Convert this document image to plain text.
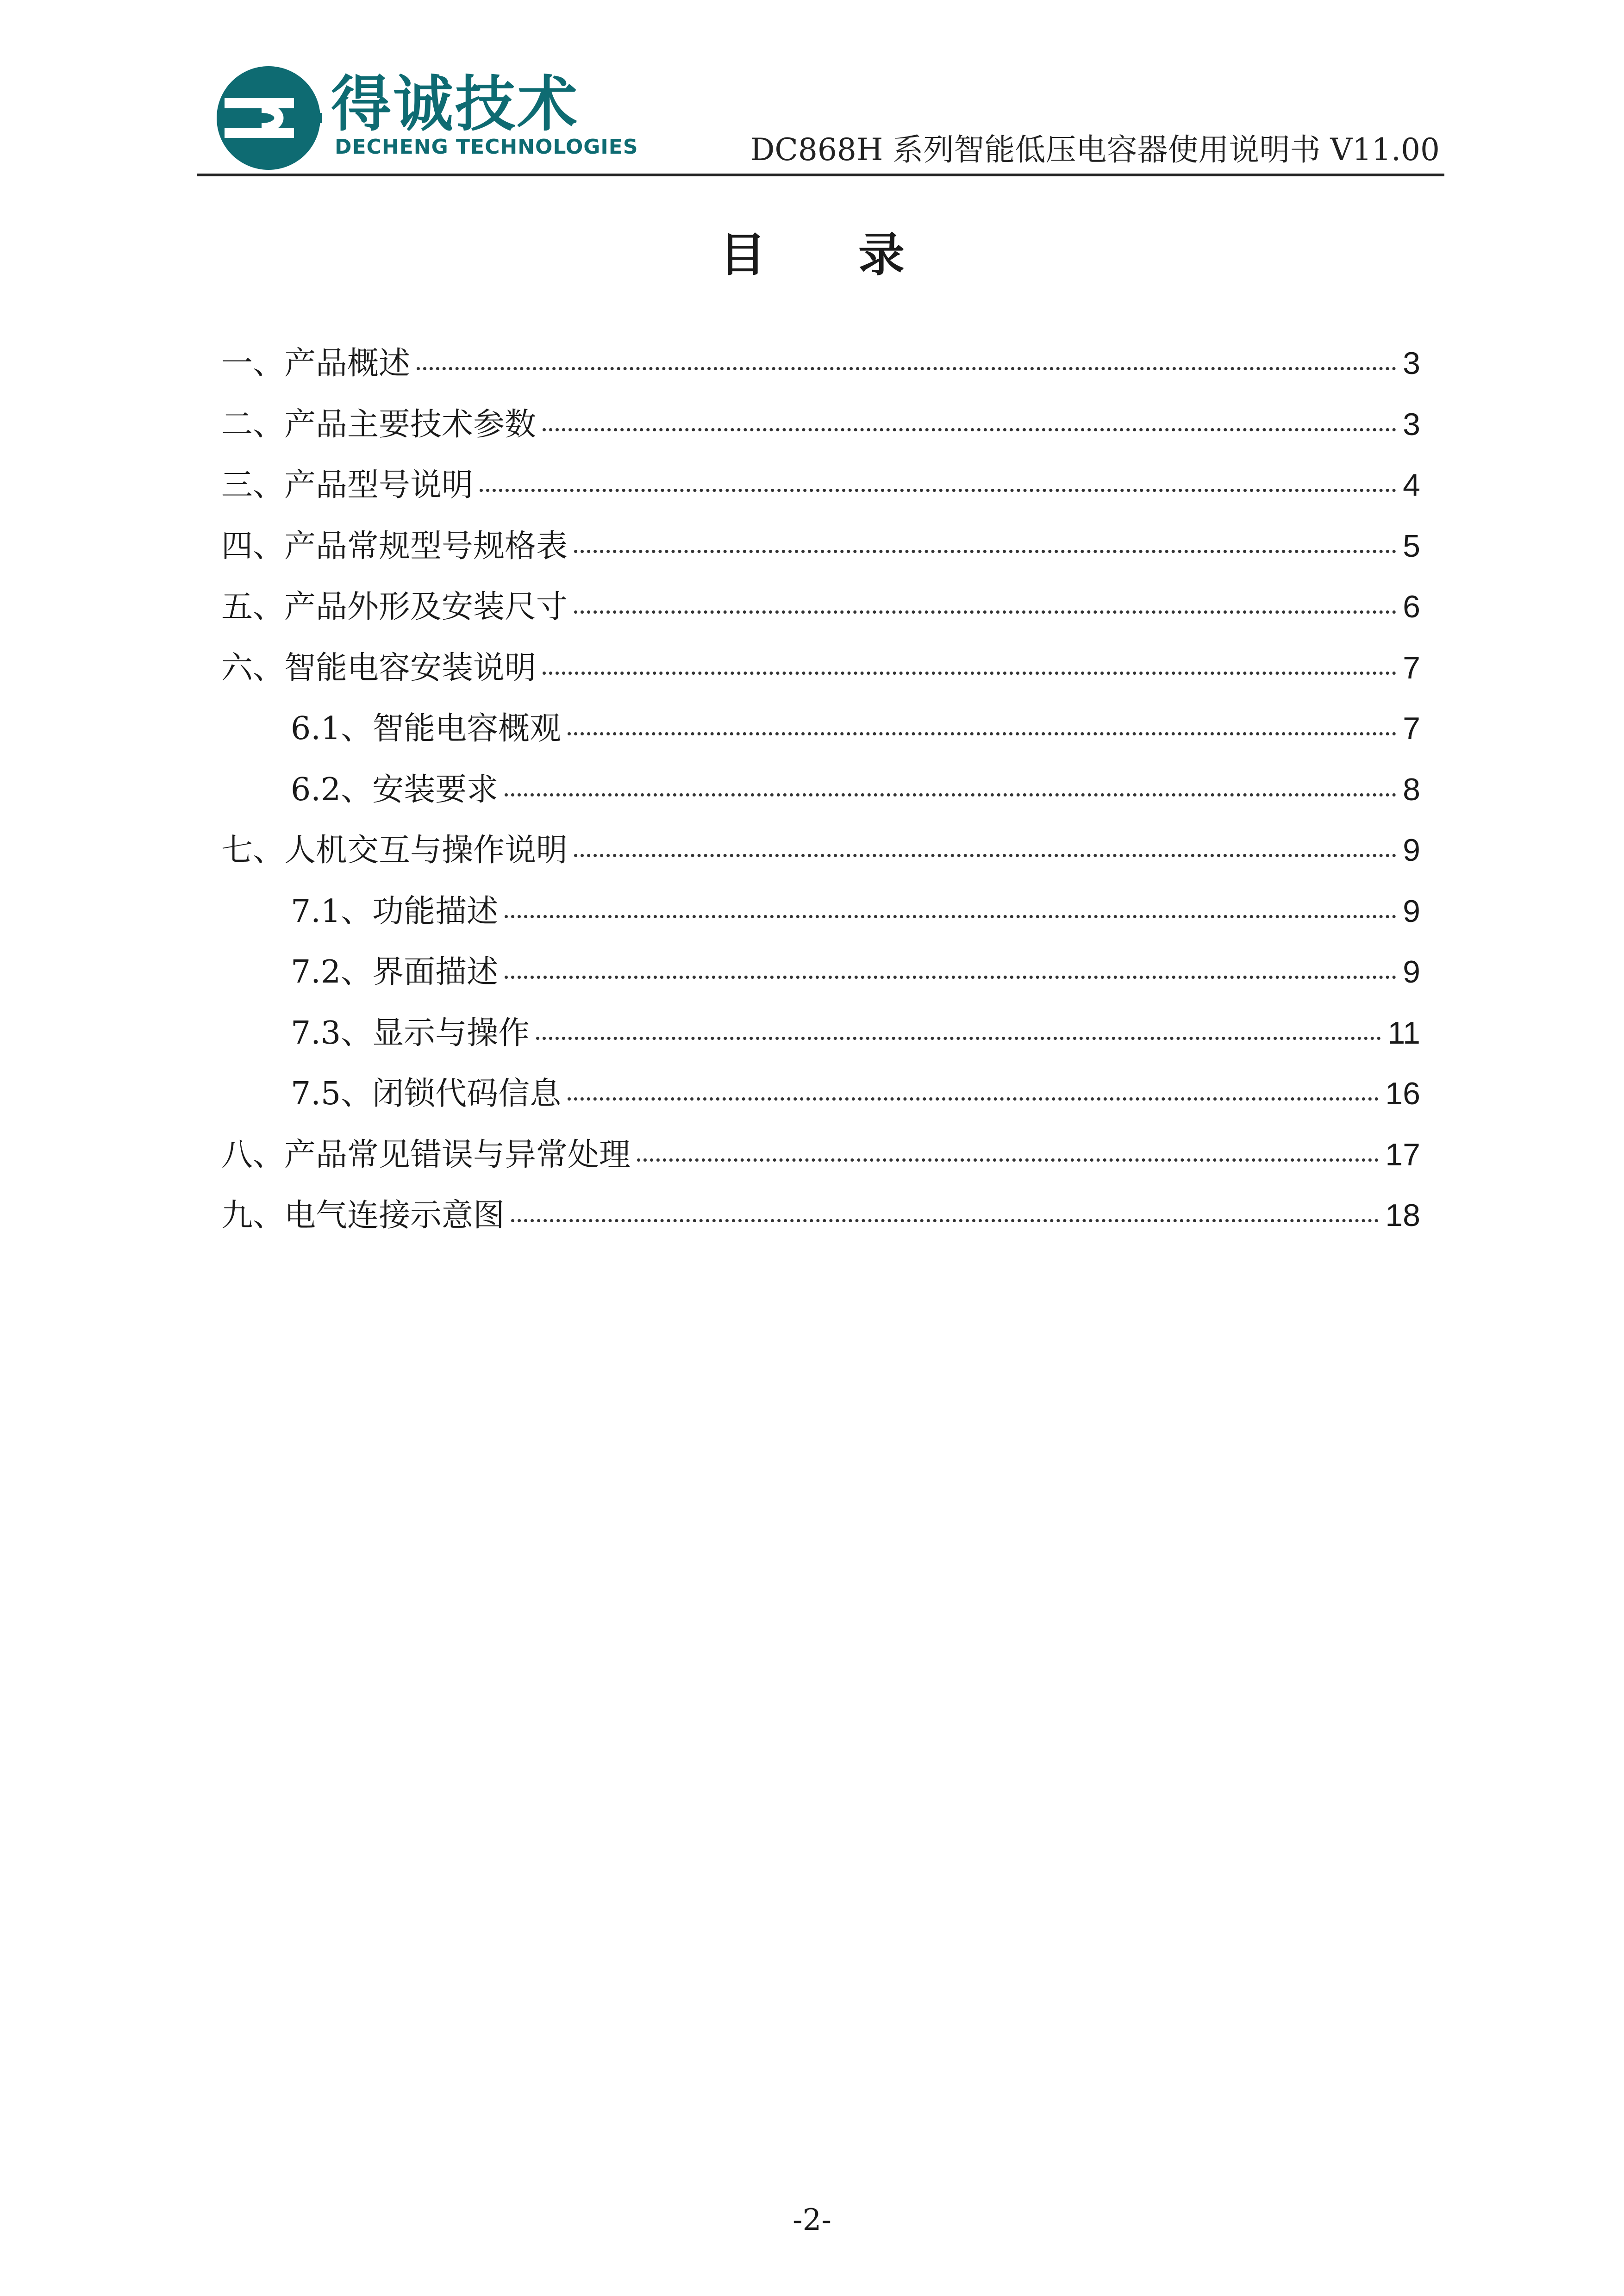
得诚技术
DECHENG TECHNOLOGIES	DC868H 系列智能低压电容器使用说明书 V11.00
目录
一、产品概述	3
二、产品主要技术参数	3
三、产品型号说明	4
四、产品常规型号规格表	5
五、产品外形及安装尺寸	6
六、智能电容安装说明	7
6.1、智能电容概观	7
6.2、安装要求	8
七、人机交互与操作说明	9
7.1、功能描述	9
7.2、界面描述	9
7.3、显示与操作	11
7.5、闭锁代码信息	16
八、产品常见错误与异常处理	17
九、电气连接示意图	18
-2-
